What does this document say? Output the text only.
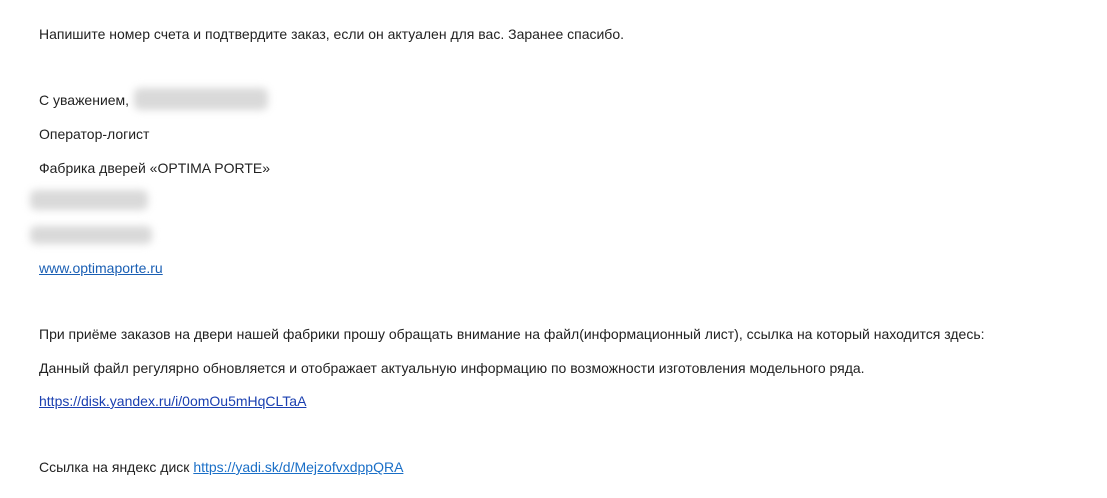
Напишите номер счета и подтвердите заказ, если он актуален для вас. Заранее спасибо.
С уважением,
Оператор-логист
Фабрика дверей «OPTIMA PORTE»
www.optimaporte.ru
При приёме заказов на двери нашей фабрики прошу обращать внимание на файл(информационный лист), ссылка на который находится здесь:
Данный файл регулярно обновляется и отображает актуальную информацию по возможности изготовления модельного ряда.
https://disk.yandex.ru/i/0omOu5mHqCLTaA
Ссылка на яндекс диск https://yadi.sk/d/MejzofvxdppQRA
